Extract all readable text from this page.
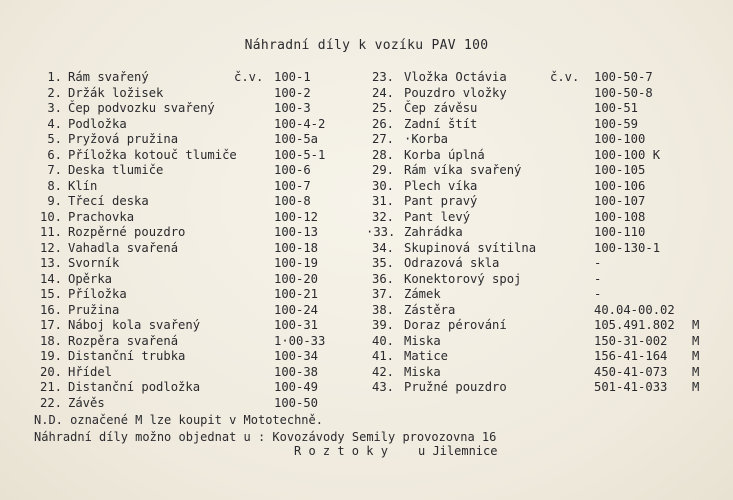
Náhradní díly k vozíku PAV 100
1. Rám svařený	č.v. 100-1
2. Držák ložisek	100-2
3. Čep podvozku svařený	100-3
4. Podložka	100-4-2
5. Pryžová pružina	100-5a
6. Příložka kotouč tlumiče	100-5-1
7. Deska tlumiče	100-6
8. Klín	100-7
9. Třecí deska	100-8
10. Prachovka	100-12
11. Rozpěrné pouzdro	100-13
12. Vahadla svařená	100-18
13. Svorník	100-19
14. Opěrka	100-20
15. Příložka	100-21
16. Pružina	100-24
17. Náboj kola svařený	100-31
18. Rozpěra svařená	1·00-33
19. Distanční trubka	100-34
20. Hřídel	100-38
21. Distanční podložka	100-49
22. Závěs	100-50
23. Vložka Octávia	č.v. 100-50-7
24. Pouzdro vložky	100-50-8
25. Čep závěsu	100-51
26. Zadní štít	100-59
27. ·Korba	100-100
28. Korba úplná	100-100 K
29. Rám víka svařený	100-105
30. Plech víka	100-106
31. Pant pravý	100-107
32. Pant levý	100-108
·33. Zahrádka	100-110
34. Skupinová svítilna	100-130-1
35. Odrazová skla	-
36. Konektorový spoj	-
37. Zámek	-
38. Zástěra	40.04-00.02
39. Doraz pérování	105.491.802 M
40. Miska	150-31-002 M
41. Matice	156-41-164 M
42. Miska	450-41-073 M
43. Pružné pouzdro	501-41-033 M
N.D. označené M lze koupit v Mototechně.
Náhradní díly možno objednat u : Kovozávody Semily provozovna 16
R o z t o k y	u Jilemnice
